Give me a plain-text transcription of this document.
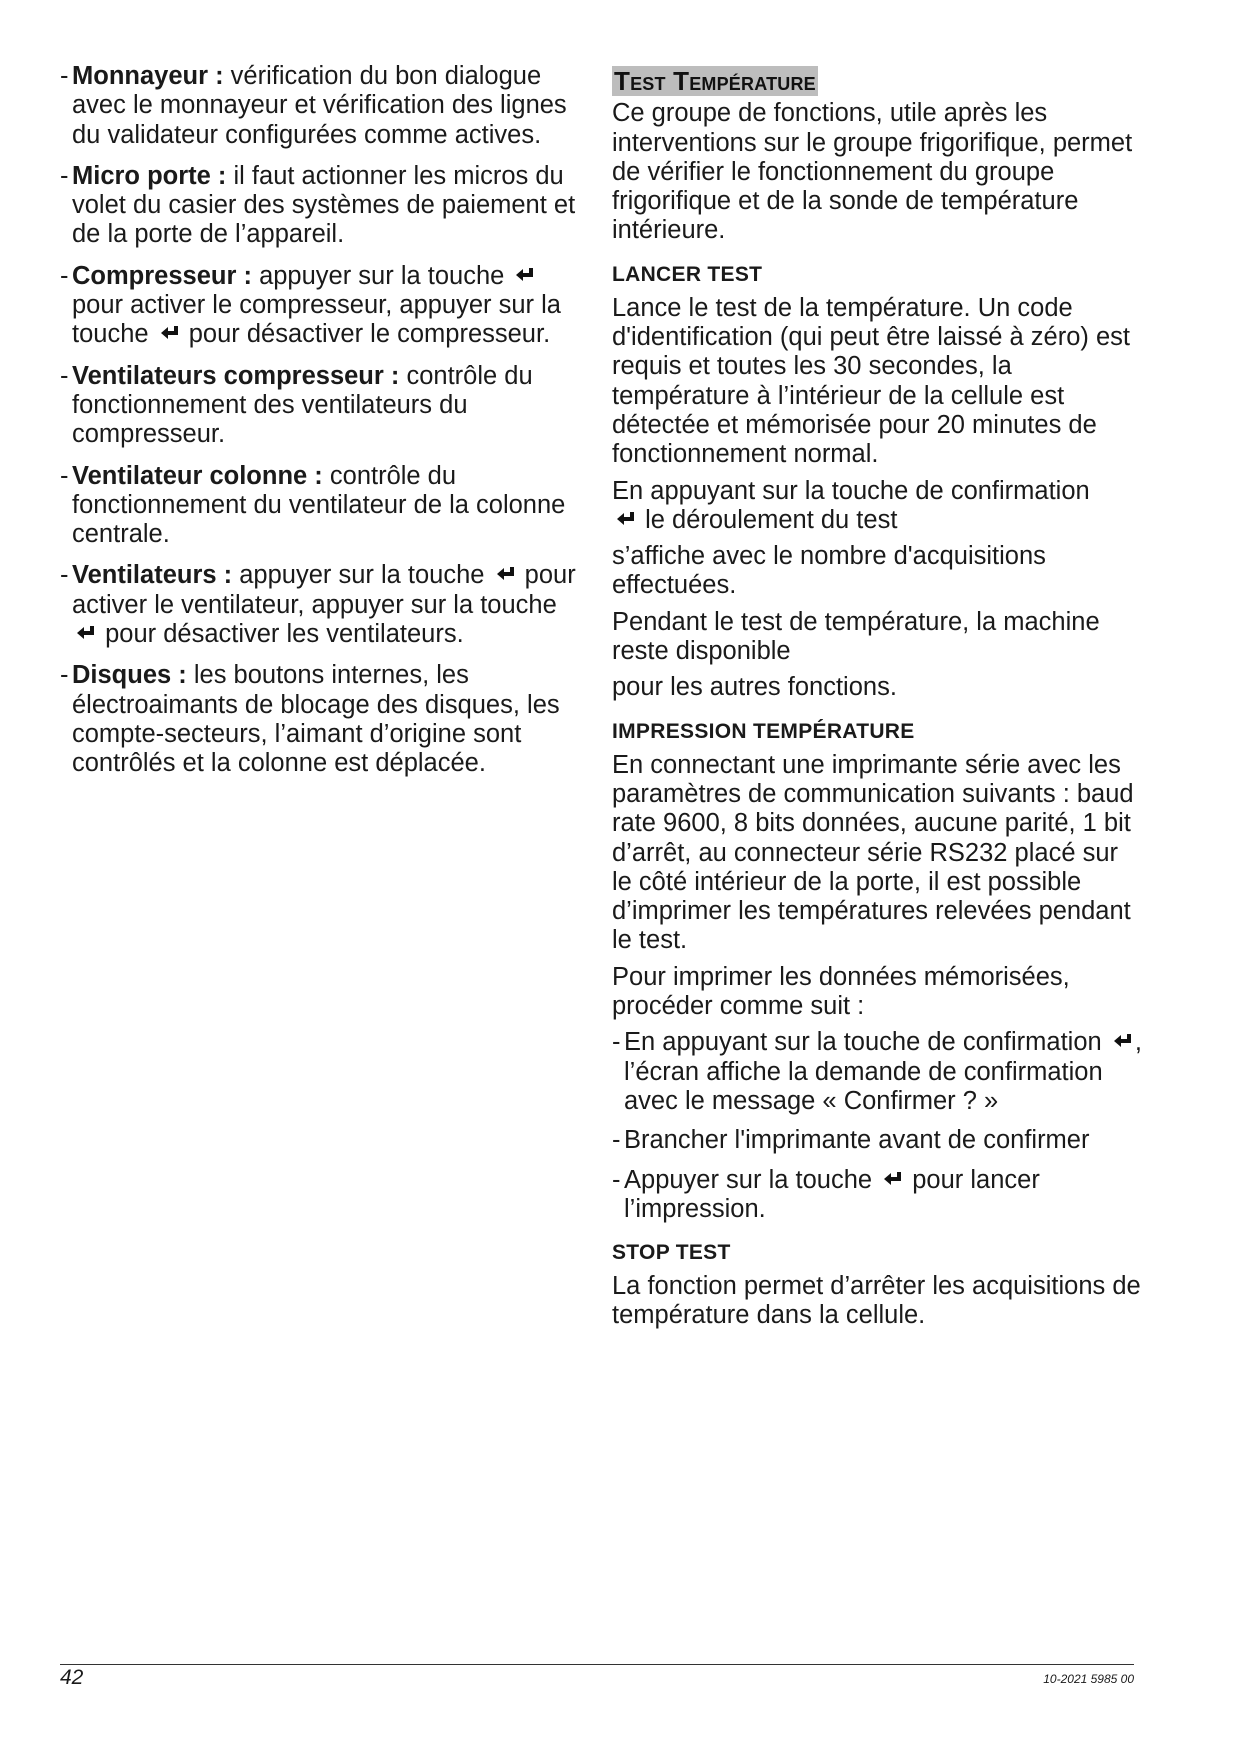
- Monnayeur : vérification du bon dialogue avec le monnayeur et vérification des lignes du validateur configurées comme actives.
- Micro porte : il faut actionner les micros du volet du casier des systèmes de paiement et de la porte de l’appareil.
- Compresseur : appuyer sur la touche  pour activer le compresseur, appuyer sur la touche  pour désactiver le compresseur.
- Ventilateurs compresseur : contrôle du fonctionnement des ventilateurs du compresseur.
- Ventilateur colonne : contrôle du fonctionnement du ventilateur de la colonne centrale.
- Ventilateurs : appuyer sur la touche  pour activer le ventilateur, appuyer sur la touche  pour désactiver les ventilateurs.
- Disques : les boutons internes, les électroaimants de blocage des disques, les compte-secteurs, l’aimant d’origine sont contrôlés et la colonne est déplacée.
Test Température

Ce groupe de fonctions, utile après les interventions sur le groupe frigorifique, permet de vérifier le fonctionnement du groupe frigorifique et de la sonde de température intérieure.

LANCER TEST

Lance le test de la température. Un code d'identification (qui peut être laissé à zéro) est requis et toutes les 30 secondes, la température à l’intérieur de la cellule est détectée et mémorisée pour 20 minutes de fonctionnement normal.

En appuyant sur la touche de confirmation
le déroulement du test

s’affiche avec le nombre d'acquisitions effectuées.

Pendant le test de température, la machine reste disponible

pour les autres fonctions.

IMPRESSION TEMPÉRATURE

En connectant une imprimante série avec les paramètres de communication suivants : baud rate 9600, 8 bits données, aucune parité, 1 bit d’arrêt, au connecteur série RS232 placé sur le côté intérieur de la porte, il est possible d’imprimer les températures relevées pendant le test.

Pour imprimer les données mémorisées, procéder comme suit :

- En appuyant sur la touche de confirmation , l’écran affiche la demande de confirmation avec le message « Confirmer ? »
- Brancher l'imprimante avant de confirmer
- Appuyer sur la touche  pour lancer l’impression.
STOP TEST

La fonction permet d’arrêter les acquisitions de température dans la cellule.

42	10-2021 5985 00
